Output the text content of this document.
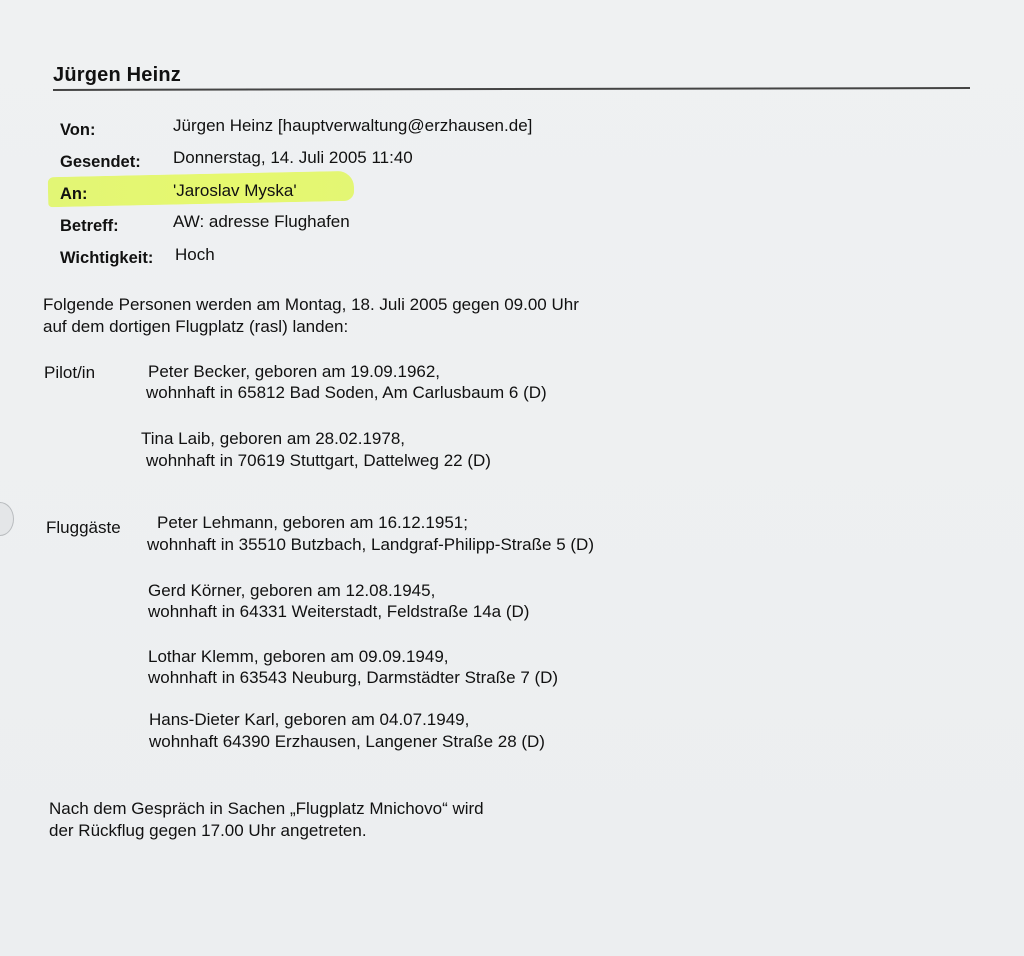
Jürgen Heinz
Von:	Jürgen Heinz [hauptverwaltung@erzhausen.de]
Gesendet: Donnerstag, 14. Juli 2005 11:40
An:	'Jaroslav Myska'
Betreff:	AW: adresse Flughafen
Wichtigkeit: Hoch
Folgende Personen werden am Montag, 18. Juli 2005 gegen 09.00 Uhr
auf dem dortigen Flugplatz (rasl) landen:
Pilot/in	Peter Becker, geboren am 19.09.1962,
wohnhaft in 65812 Bad Soden, Am Carlusbaum 6 (D)
Tina Laib, geboren am 28.02.1978,
wohnhaft in 70619 Stuttgart, Dattelweg 22 (D)
Fluggäste Peter Lehmann, geboren am 16.12.1951;
wohnhaft in 35510 Butzbach, Landgraf-Philipp-Straße 5 (D)
Gerd Körner, geboren am 12.08.1945,
wohnhaft in 64331 Weiterstadt, Feldstraße 14a (D)
Lothar Klemm, geboren am 09.09.1949,
wohnhaft in 63543 Neuburg, Darmstädter Straße 7 (D)
Hans-Dieter Karl, geboren am 04.07.1949,
wohnhaft 64390 Erzhausen, Langener Straße 28 (D)
Nach dem Gespräch in Sachen „Flugplatz Mnichovo“ wird
der Rückflug gegen 17.00 Uhr angetreten.
